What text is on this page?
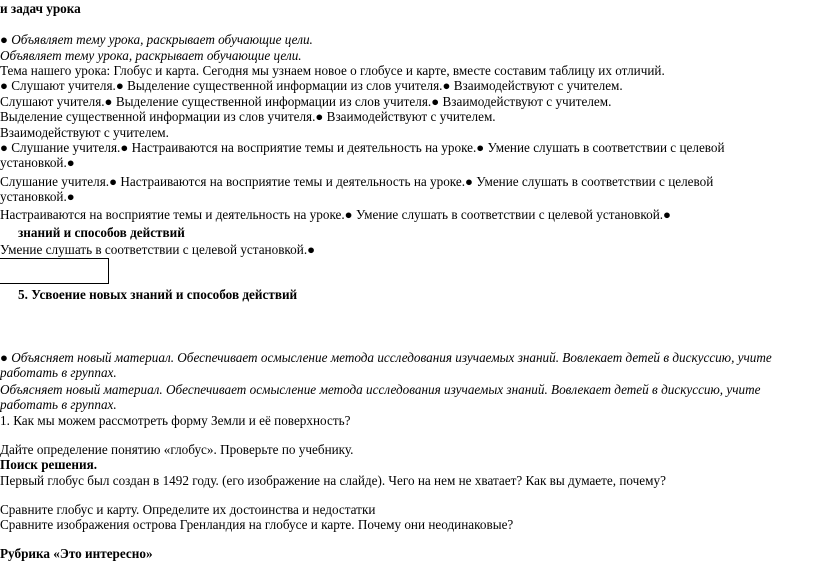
и задач урока
● Объявляет тему урока, раскрывает обучающие цели.
Объявляет тему урока, раскрывает обучающие цели.
Тема нашего урока: Глобус и карта. Сегодня мы узнаем новое о глобусе и карте, вместе составим таблицу их отличий.
● Слушают учителя.● Выделение существенной информации из слов учителя.● Взаимодействуют с учителем.
Слушают учителя.● Выделение существенной информации из слов учителя.● Взаимодействуют с учителем.
Выделение существенной информации из слов учителя.● Взаимодействуют с учителем.
Взаимодействуют с учителем.
● Слушание учителя.● Настраиваются на восприятие темы и деятельность на уроке.● Умение слушать в соответствии с целевой
установкой.●
Слушание учителя.● Настраиваются на восприятие темы и деятельность на уроке.● Умение слушать в соответствии с целевой
установкой.●
Настраиваются на восприятие темы и деятельность на уроке.● Умение слушать в соответствии с целевой установкой.●
знаний и способов действий
Умение слушать в соответствии с целевой установкой.●
5. Усвоение новых знаний и способов действий
● Объясняет новый материал. Обеспечивает осмысление метода исследования изучаемых знаний. Вовлекает детей в дискуссию, учите
работать в группах.
Объясняет новый материал. Обеспечивает осмысление метода исследования изучаемых знаний. Вовлекает детей в дискуссию, учите
работать в группах.
1. Как мы можем рассмотреть форму Земли и её поверхность?
Дайте определение понятию «глобус». Проверьте по учебнику.
Поиск решения.
Первый глобус был создан в 1492 году. (его изображение на слайде). Чего на нем не хватает? Как вы думаете, почему?
Сравните глобус и карту. Определите их достоинства и недостатки
Сравните изображения острова Гренландия на глобусе и карте. Почему они неодинаковые?
Рубрика «Это интересно»
